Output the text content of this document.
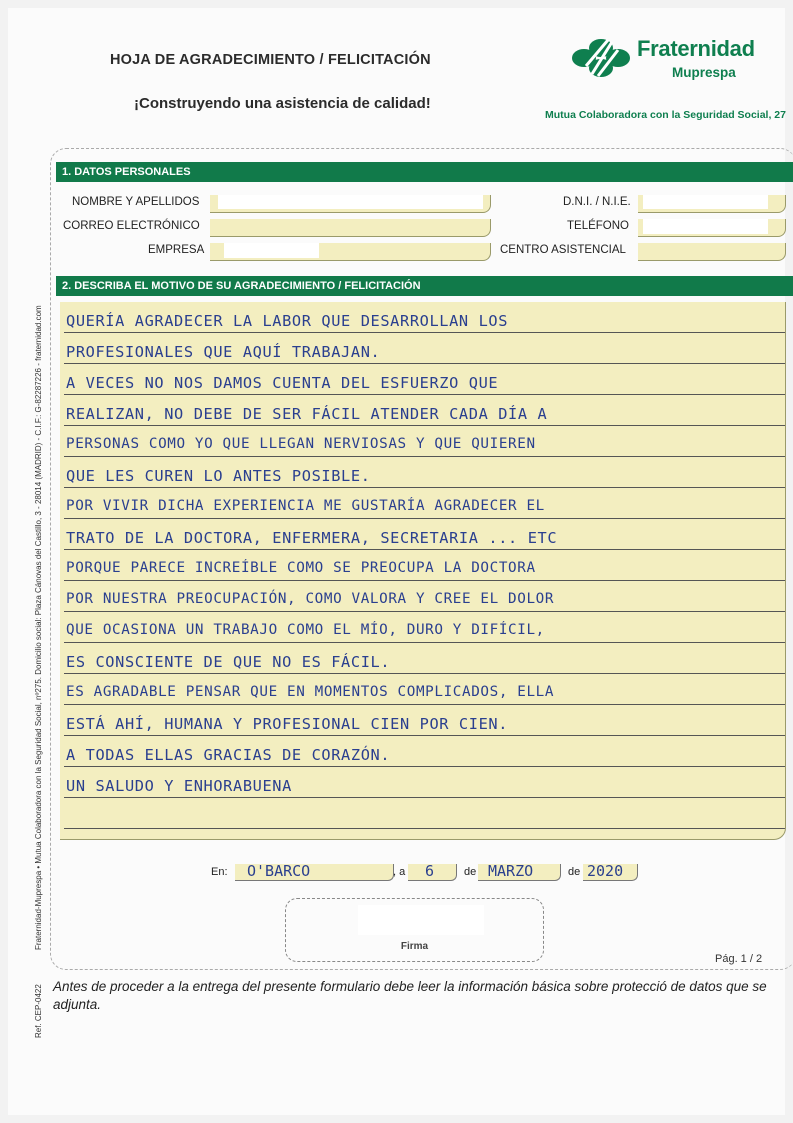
HOJA DE AGRADECIMIENTO / FELICITACIÓN
¡Construyendo una asistencia de calidad!
Fraternidad
Muprespa
Mutua Colaboradora con la Seguridad Social, 27
Fraternidad-Muprespa • Mutua Colaboradora con la Seguridad Social, nº275. Domicilio social: Plaza Cánovas del Castillo, 3 - 28014 (MADRID) - C.I.F.: G-82287226 - fraternidad.com
Ref. CEP-0422
1. DATOS PERSONALES
NOMBRE Y APELLIDOS	D.N.I. / N.I.E.
CORREO ELECTRÓNICO	TELÉFONO
EMPRESA	CENTRO ASISTENCIAL
2. DESCRIBA EL MOTIVO DE SU AGRADECIMIENTO / FELICITACIÓN
QUERÍA AGRADECER LA LABOR QUE DESARROLLAN LOS
PROFESIONALES QUE AQUÍ TRABAJAN.
A VECES NO NOS DAMOS CUENTA DEL ESFUERZO QUE
REALIZAN, NO DEBE DE SER FÁCIL ATENDER CADA DÍA A
PERSONAS COMO YO QUE LLEGAN NERVIOSAS Y QUE QUIEREN
QUE LES CUREN LO ANTES POSIBLE.
POR VIVIR DICHA EXPERIENCIA ME GUSTARÍA AGRADECER EL
TRATO DE LA DOCTORA, ENFERMERA, SECRETARIA ... ETC
PORQUE PARECE INCREÍBLE COMO SE PREOCUPA LA DOCTORA
POR NUESTRA PREOCUPACIÓN, COMO VALORA Y CREE EL DOLOR
QUE OCASIONA UN TRABAJO COMO EL MÍO, DURO Y DIFÍCIL,
ES CONSCIENTE DE QUE NO ES FÁCIL.
ES AGRADABLE PENSAR QUE EN MOMENTOS COMPLICADOS, ELLA
ESTÁ AHÍ, HUMANA Y PROFESIONAL CIEN POR CIEN.
A TODAS ELLAS GRACIAS DE CORAZÓN.
UN SALUDO Y ENHORABUENA
En: O'BARCO	, a 6	de MARZO	de 2020
Firma
Pág. 1 / 2
Antes de proceder a la entrega del presente formulario debe leer la información básica sobre protecció de datos que se adjunta.
